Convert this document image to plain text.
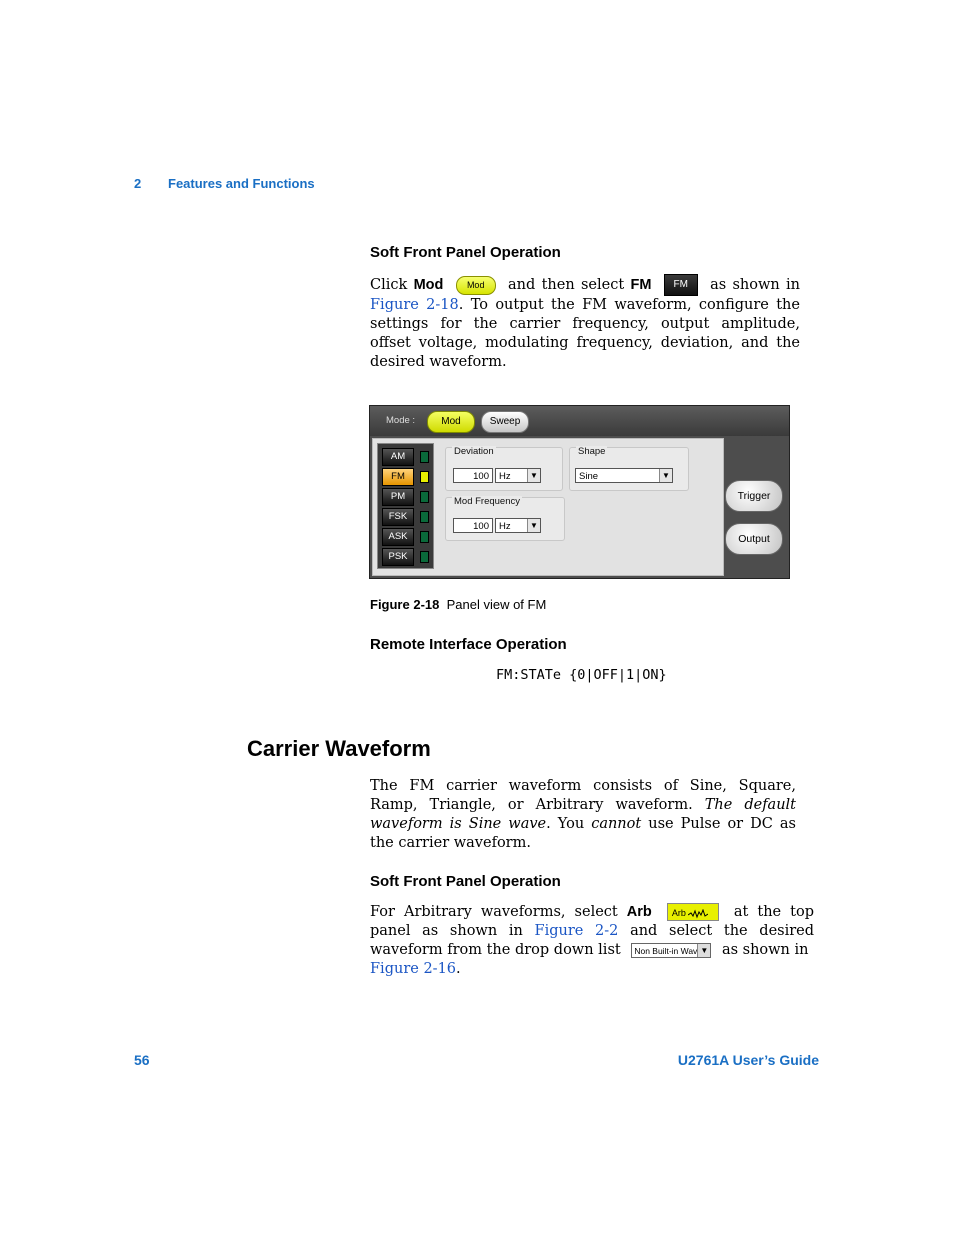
2 Features and Functions
Soft Front Panel Operation
Click Mod	Mod and then select FM FM as shown in Figure 2-18. To output the FM waveform, configure the settings for the carrier frequency, output amplitude, offset voltage, modulating frequency, deviation, and the desired waveform.
Mode :	Mod	Sweep
AM
FM
PM
FSK
ASK
PSK
Deviation
100	Hz	▼
Shape
Sine	▼
Mod Frequency
100	Hz	▼
Trigger
Output
Figure 2-18 Panel view of FM
Remote Interface Operation
FM:STATe {0|OFF|1|ON}
Carrier Waveform
The FM carrier waveform consists of Sine, Square, Ramp, Triangle, or Arbitrary waveform. The default waveform is Sine wave. You cannot use Pulse or DC as the carrier waveform.
Soft Front Panel Operation
For Arbitrary waveforms, select Arb Arb	at the top panel as shown in Figure 2-2 and select the desired waveform from the drop down list Non Built-in Wav ▼ as shown in
Figure 2-16.
56	U2761A User’s Guide
